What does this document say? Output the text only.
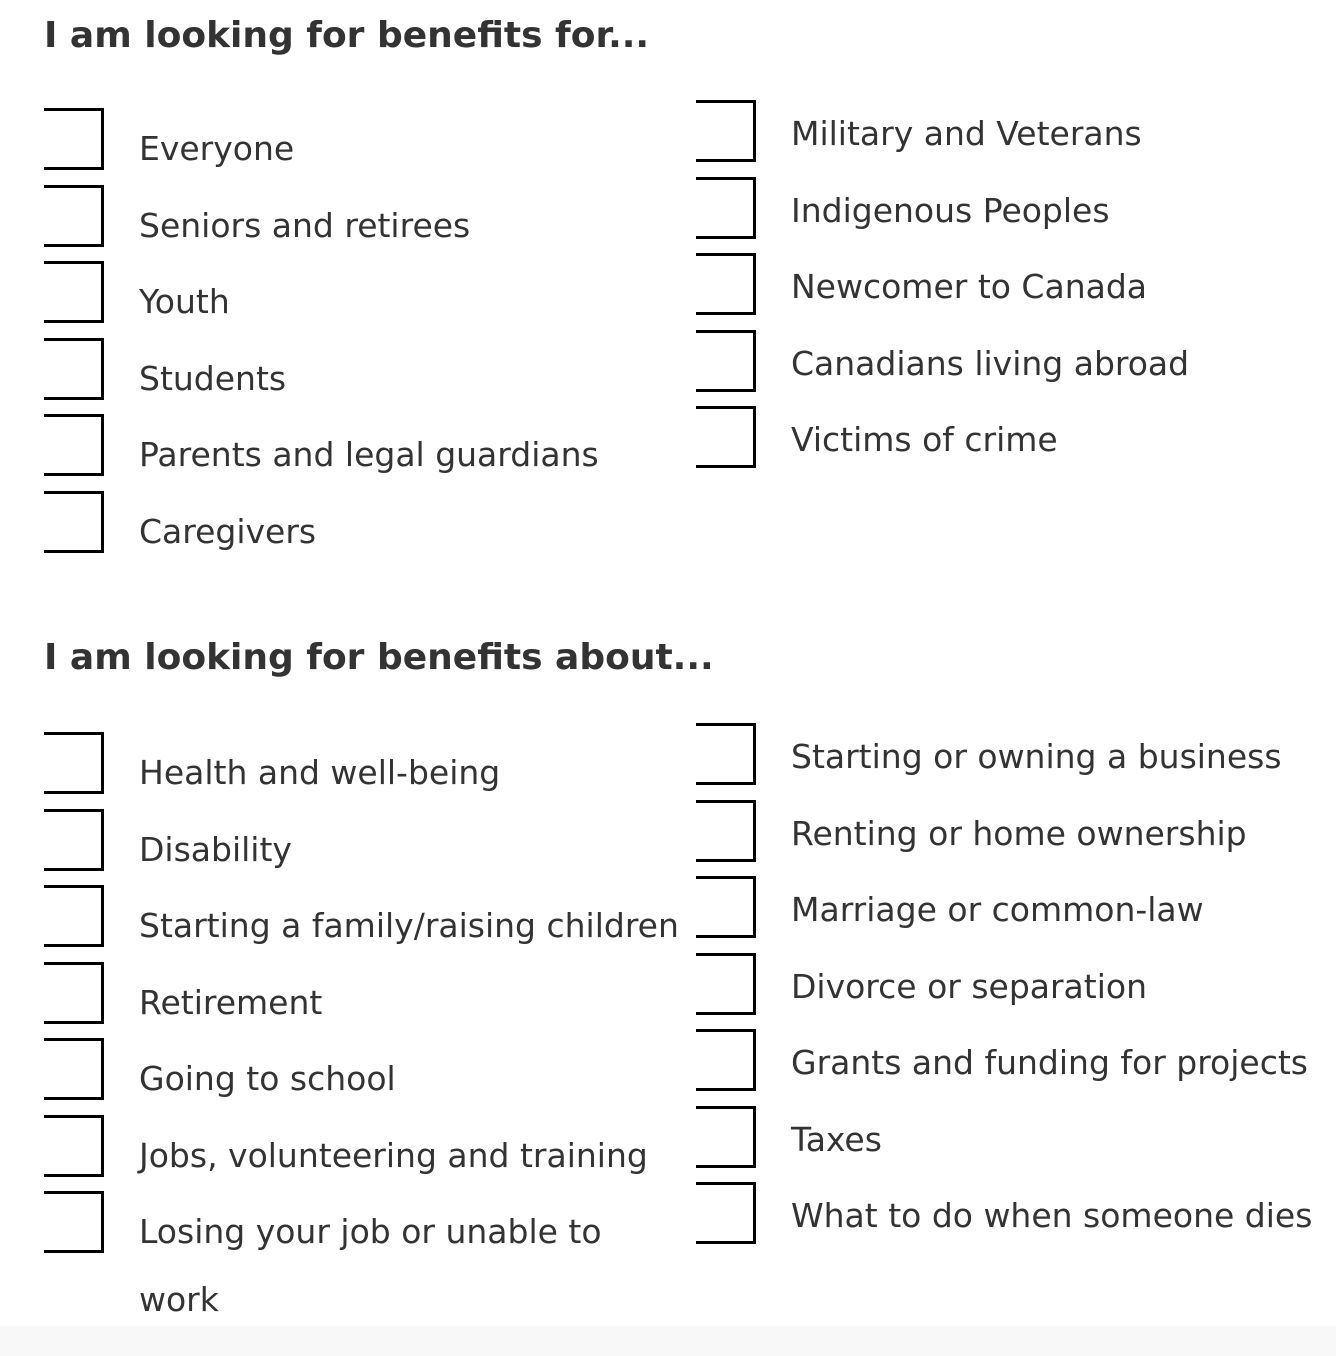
I am looking for benefits for...
Everyone
Seniors and retirees
Youth
Students
Parents and legal guardians
Caregivers
Military and Veterans
Indigenous Peoples
Newcomer to Canada
Canadians living abroad
Victims of crime
I am looking for benefits about...
Health and well-being
Disability
Starting a family/raising children
Retirement
Going to school
Jobs, volunteering and training
Losing your job or unable to work
Starting or owning a business
Renting or home ownership
Marriage or common-law
Divorce or separation
Grants and funding for projects
Taxes
What to do when someone dies
